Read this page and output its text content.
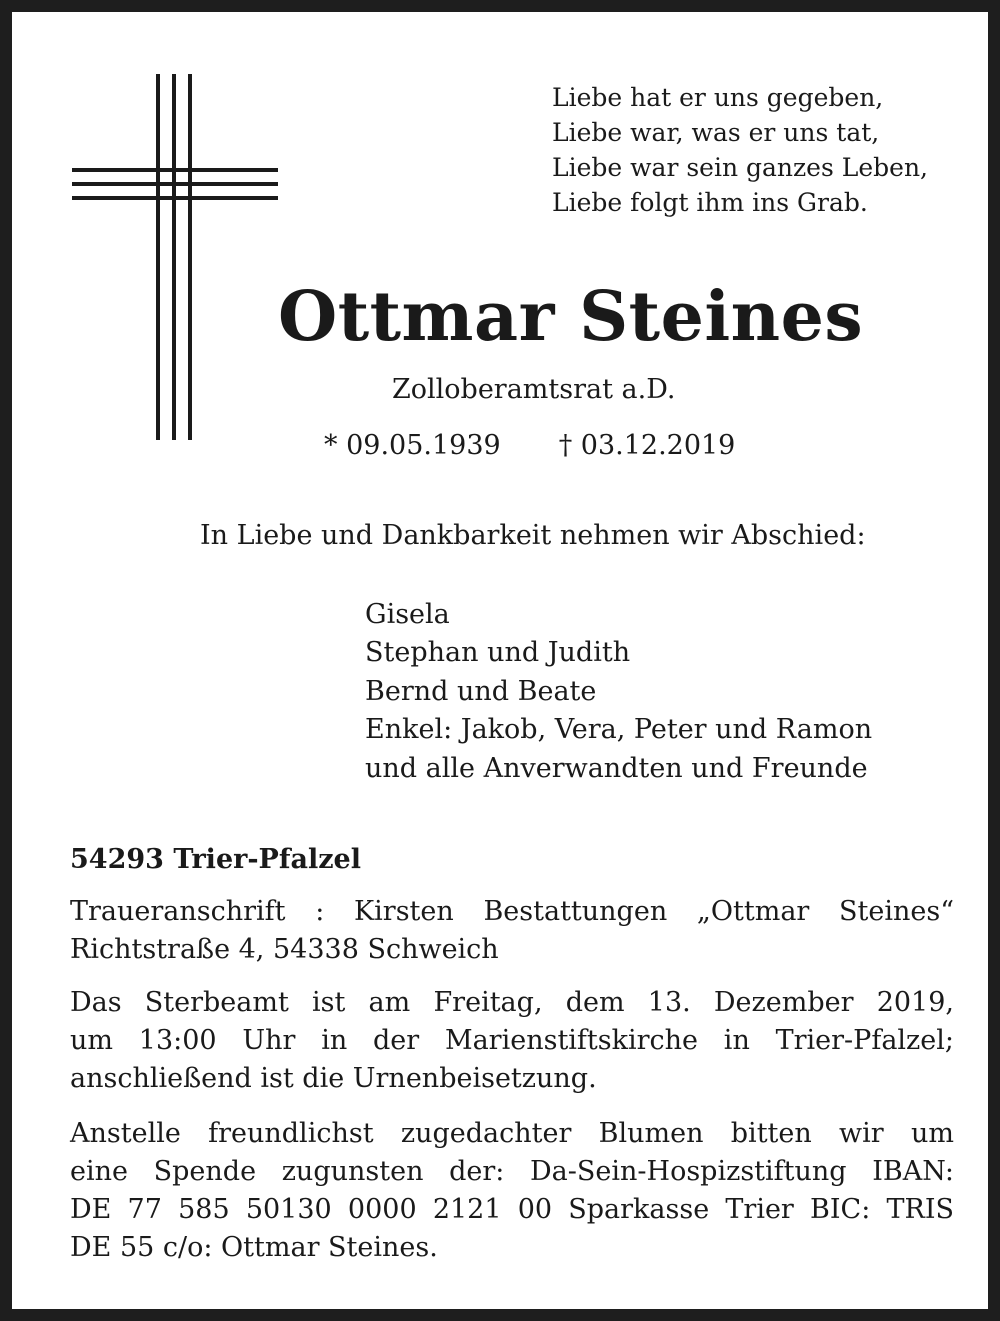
Liebe hat er uns gegeben,
Liebe war, was er uns tat,
Liebe war sein ganzes Leben,
Liebe folgt ihm ins Grab.
Ottmar Steines
Zolloberamtsrat a.D.
* 09.05.1939 † 03.12.2019
In Liebe und Dankbarkeit nehmen wir Abschied:
Gisela
Stephan und Judith
Bernd und Beate
Enkel: Jakob, Vera, Peter und Ramon
und alle Anverwandten und Freunde
54293 Trier-Pfalzel
Traueranschrift : Kirsten Bestattungen „Ottmar Steines“
Richtstraße 4, 54338 Schweich
Das Sterbeamt ist am Freitag, dem 13. Dezember 2019,
um 13:00 Uhr in der Marienstiftskirche in Trier-Pfalzel;
anschließend ist die Urnenbeisetzung.
Anstelle freundlichst zugedachter Blumen bitten wir um
eine Spende zugunsten der: Da-Sein-Hospizstiftung IBAN:
DE 77 585 50130 0000 2121 00 Sparkasse Trier BIC: TRIS
DE 55 c/o: Ottmar Steines.
